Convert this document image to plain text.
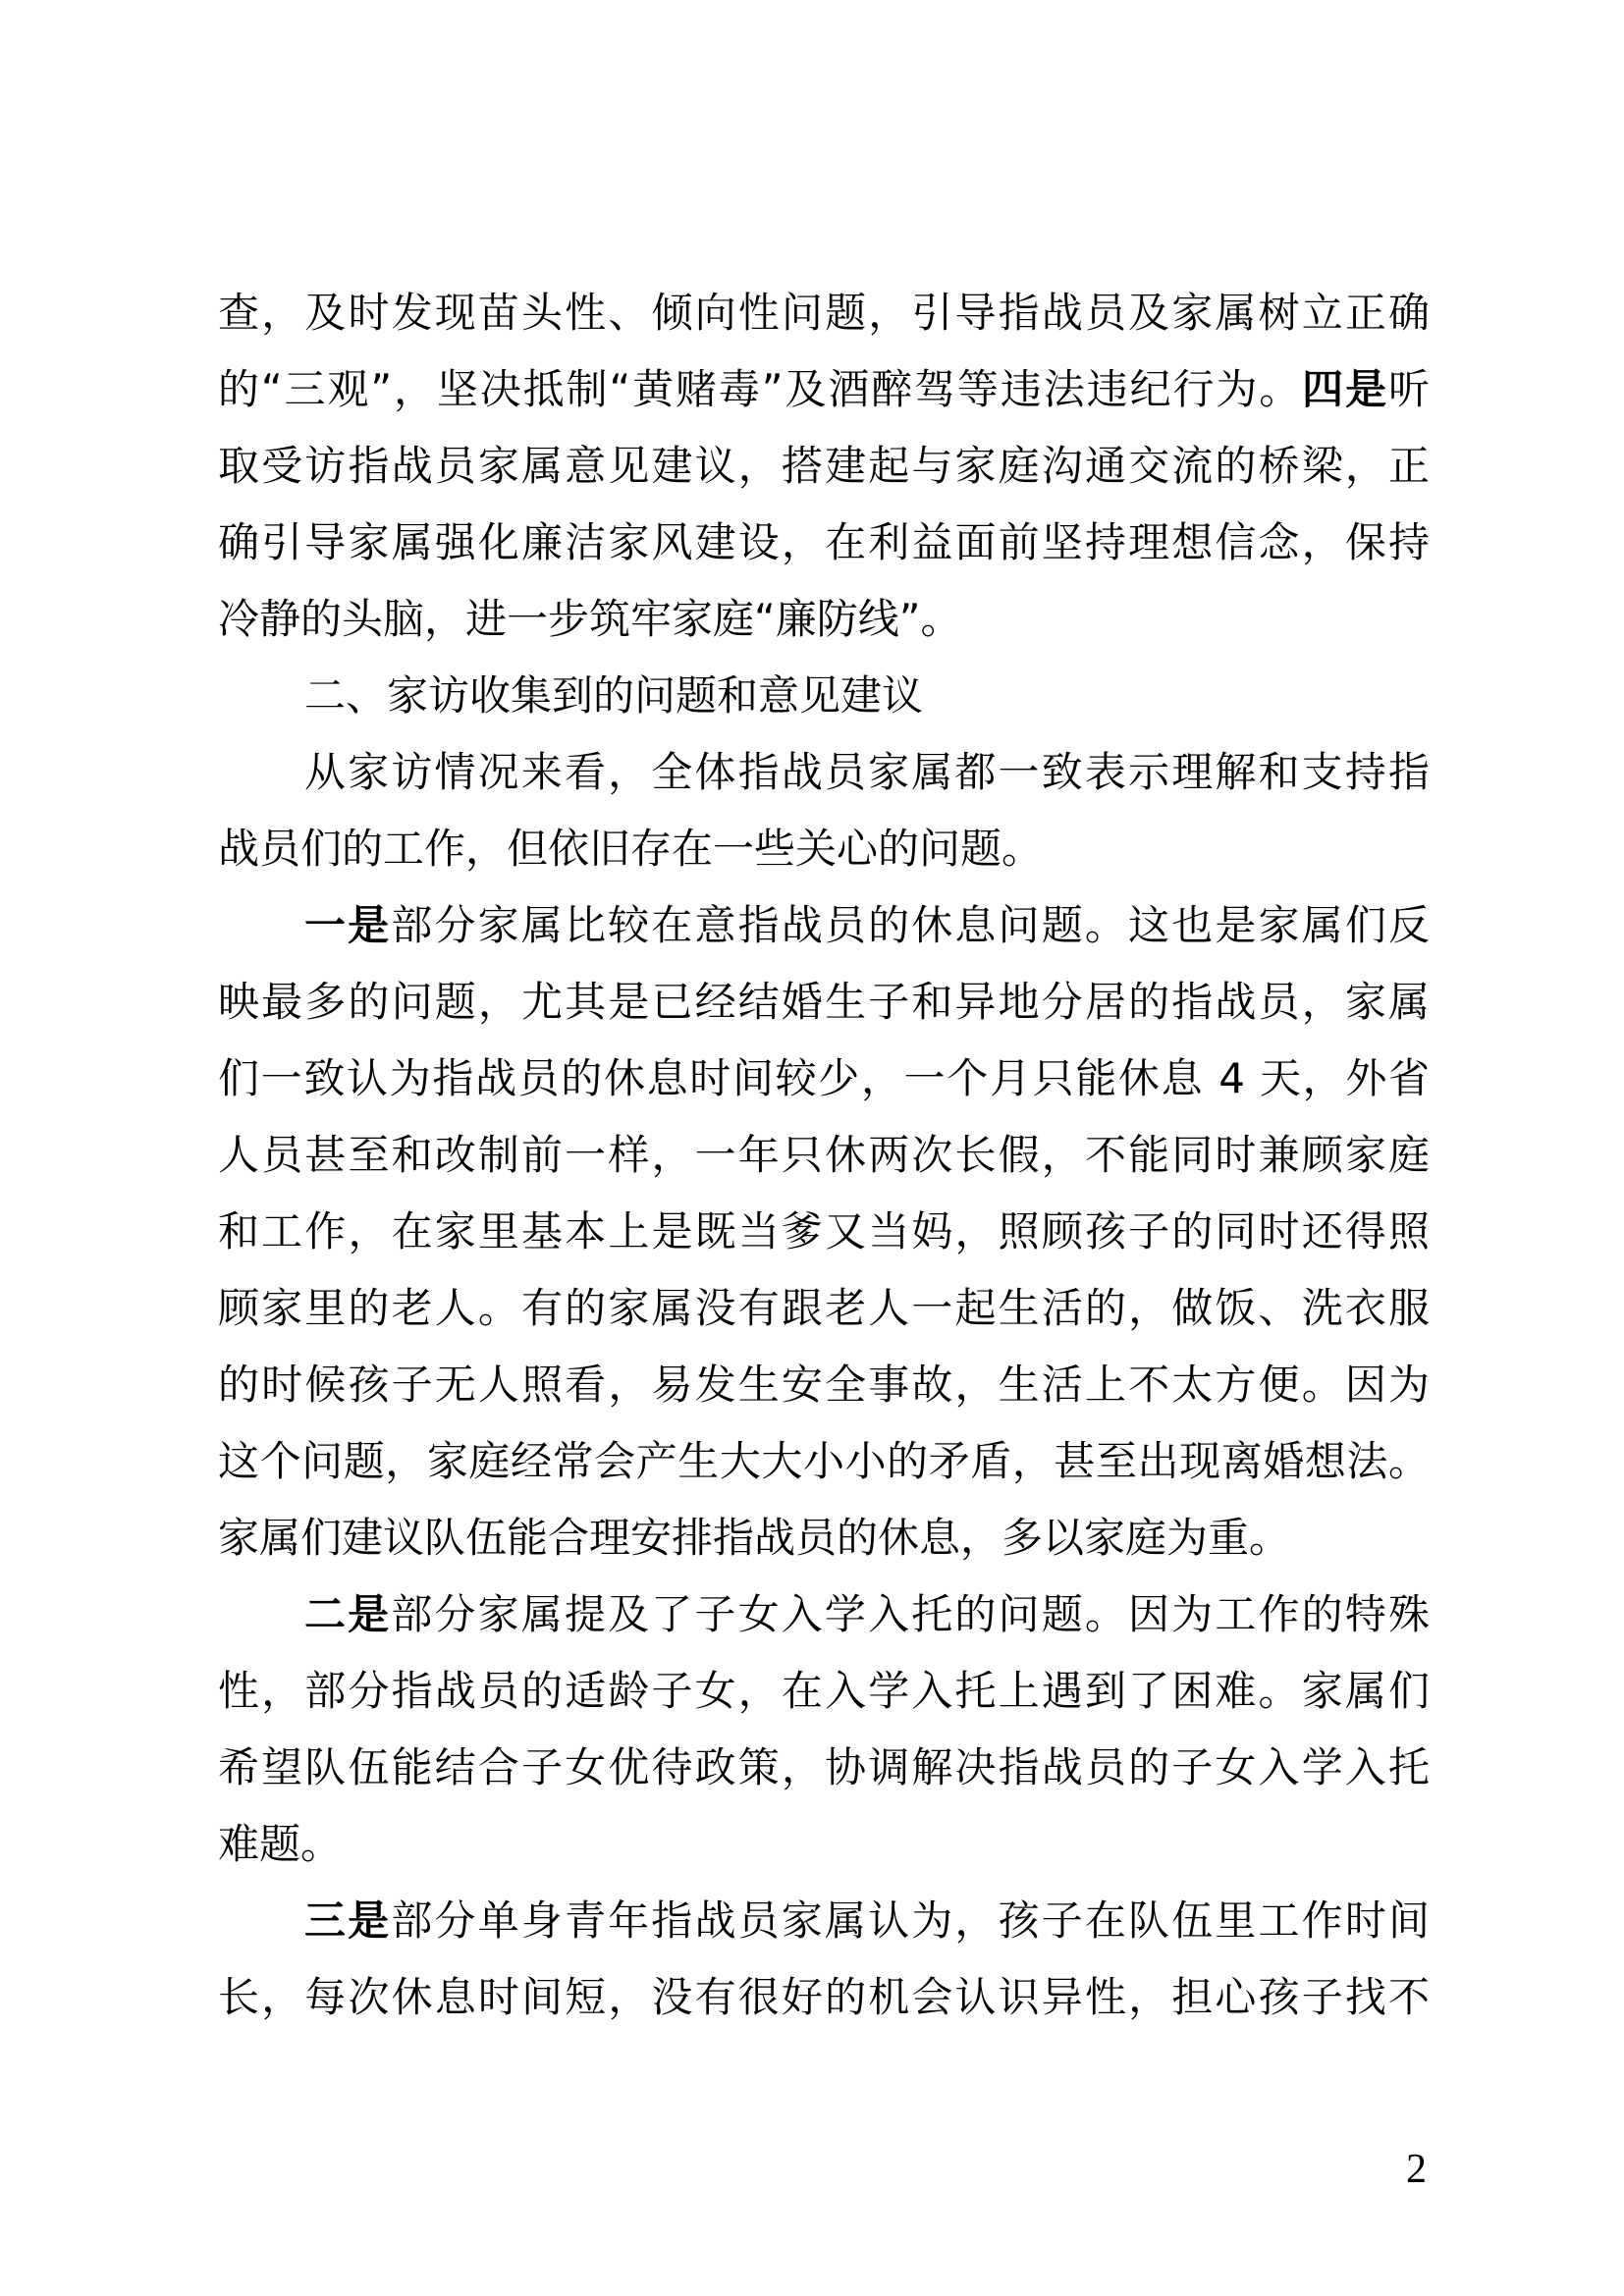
查，及时发现苗头性、倾向性问题，引导指战员及家属树立正确
的“三观”，坚决抵制“黄赌毒”及酒醉驾等违法违纪行为。四是听
取受访指战员家属意见建议，搭建起与家庭沟通交流的桥梁，正
确引导家属强化廉洁家风建设，在利益面前坚持理想信念，保持
冷静的头脑，进一步筑牢家庭“廉防线”。
二、家访收集到的问题和意见建议
从家访情况来看，全体指战员家属都一致表示理解和支持指
战员们的工作，但依旧存在一些关心的问题。
一是部分家属比较在意指战员的休息问题。这也是家属们反
映最多的问题，尤其是已经结婚生子和异地分居的指战员，家属
们一致认为指战员的休息时间较少，一个月只能休息 4 天，外省
人员甚至和改制前一样，一年只休两次长假，不能同时兼顾家庭
和工作，在家里基本上是既当爹又当妈，照顾孩子的同时还得照
顾家里的老人。有的家属没有跟老人一起生活的，做饭、洗衣服
的时候孩子无人照看，易发生安全事故，生活上不太方便。因为
这个问题，家庭经常会产生大大小小的矛盾，甚至出现离婚想法。
家属们建议队伍能合理安排指战员的休息，多以家庭为重。
二是部分家属提及了子女入学入托的问题。因为工作的特殊
性，部分指战员的适龄子女，在入学入托上遇到了困难。家属们
希望队伍能结合子女优待政策，协调解决指战员的子女入学入托
难题。
三是部分单身青年指战员家属认为，孩子在队伍里工作时间
长，每次休息时间短，没有很好的机会认识异性，担心孩子找不
2
